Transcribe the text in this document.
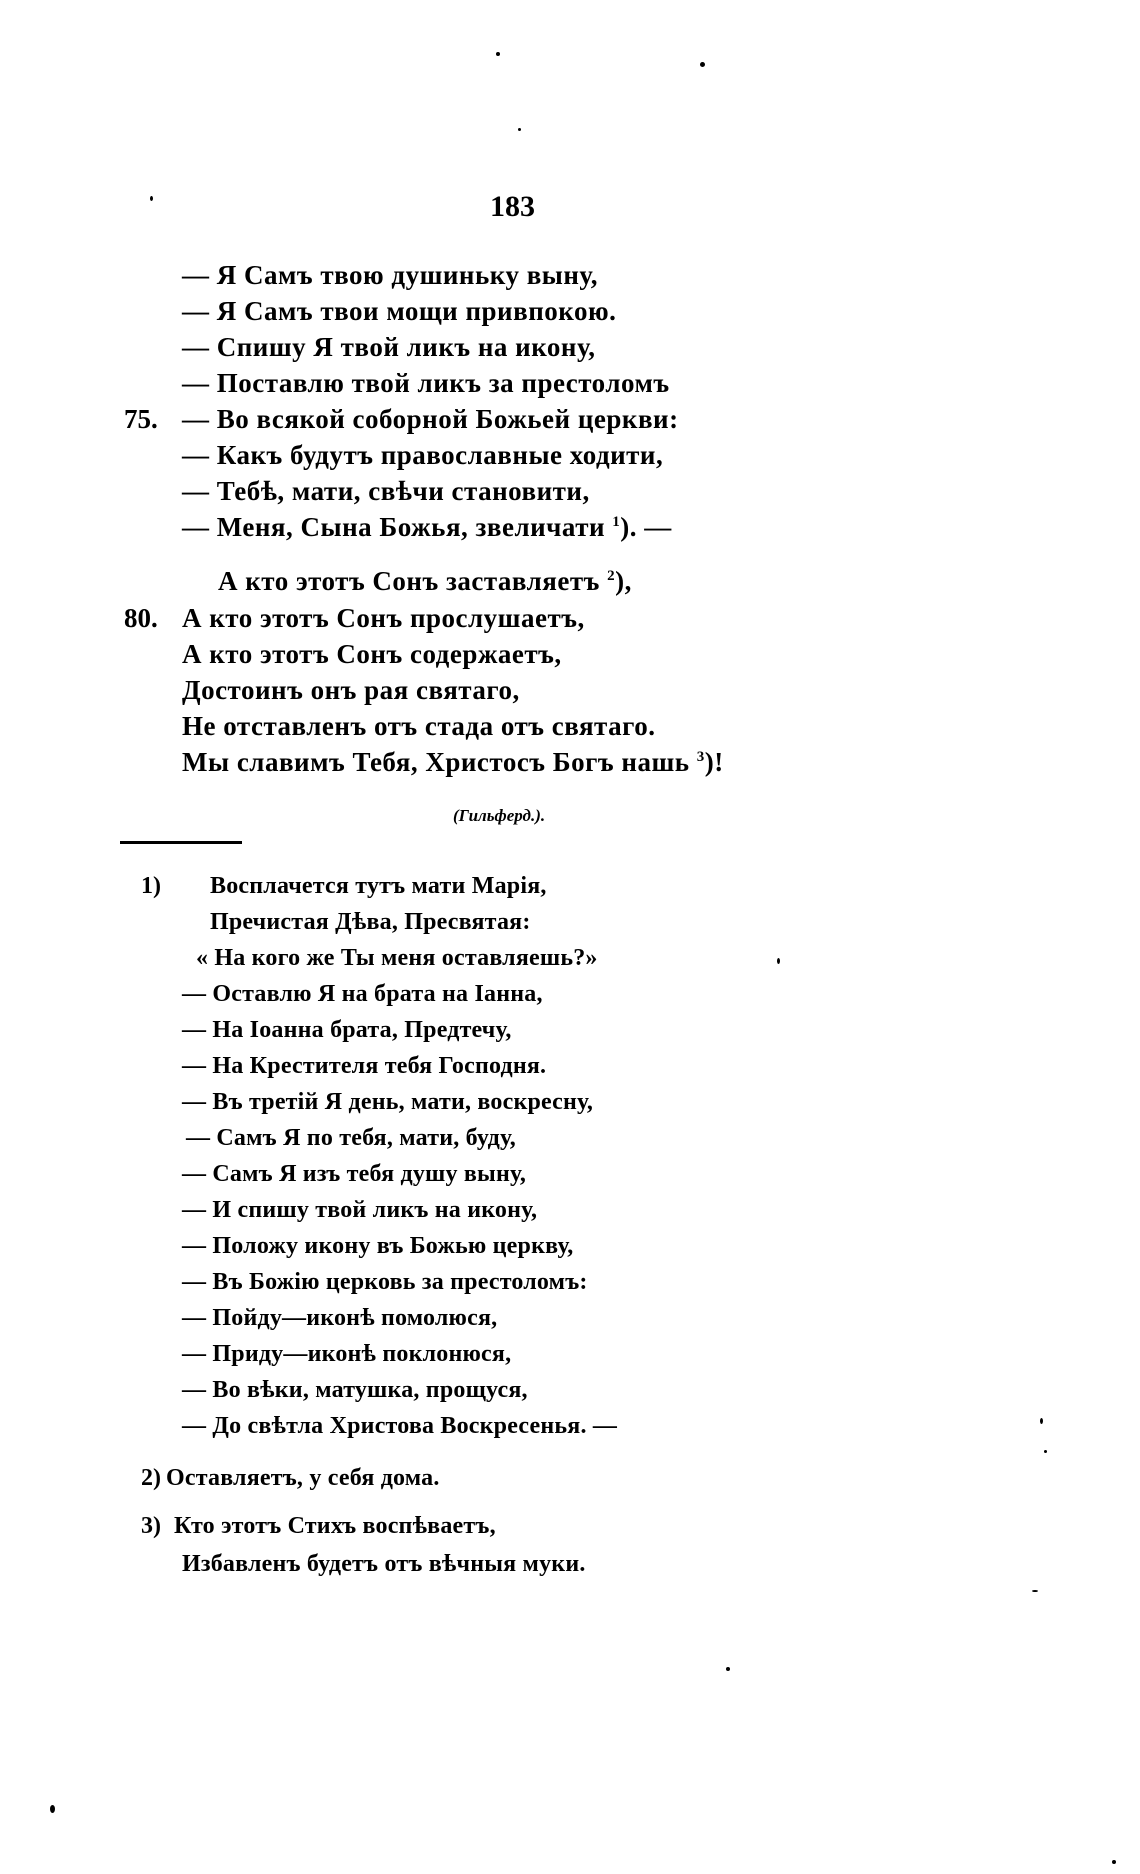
183
— Я Самъ твою душиньку выну,
— Я Самъ твои мощи привпокою.
— Спишу Я твой ликъ на икону,
— Поставлю твой ликъ за престоломъ
75. — Во всякой соборной Божьей церкви:
— Какъ будутъ православные ходити,
— Тебѣ, мати, свѣчи становити,
— Меня, Сына Божья, звеличати $^1$). —
А кто этотъ Сонъ заставляетъ $^2$),
80. А кто этотъ Сонъ прослушаетъ,
А кто этотъ Сонъ содержаетъ,
Достоинъ онъ рая святаго,
Не отставленъ отъ стада отъ святаго.
Мы славимъ Тебя, Христосъ Богъ нашь $^3$)!
(Гильферд.).
1) Восплачется тутъ мати Марія,
Пречистая Дѣва, Пресвятая:
« На кого же Ты меня оставляешь?»
— Оставлю Я на брата на Іанна,
— На Іоанна брата, Предтечу,
— На Крестителя тебя Господня.
— Въ третій Я день, мати, воскресну,
— Самъ Я по тебя, мати, буду,
— Самъ Я изъ тебя душу выну,
— И спишу твой ликъ на икону,
— Положу икону въ Божью церкву,
— Въ Божію церковь за престоломъ:
— Пойду—иконѣ помолюся,
— Приду—иконѣ поклонюся,
— Во вѣки, матушка, прощуся,
— До свѣтла Христова Воскресенья. —
2) Оставляетъ, у себя дома.
3) Кто этотъ Стихъ воспѣваетъ,
Избавленъ будетъ отъ вѣчныя муки.
